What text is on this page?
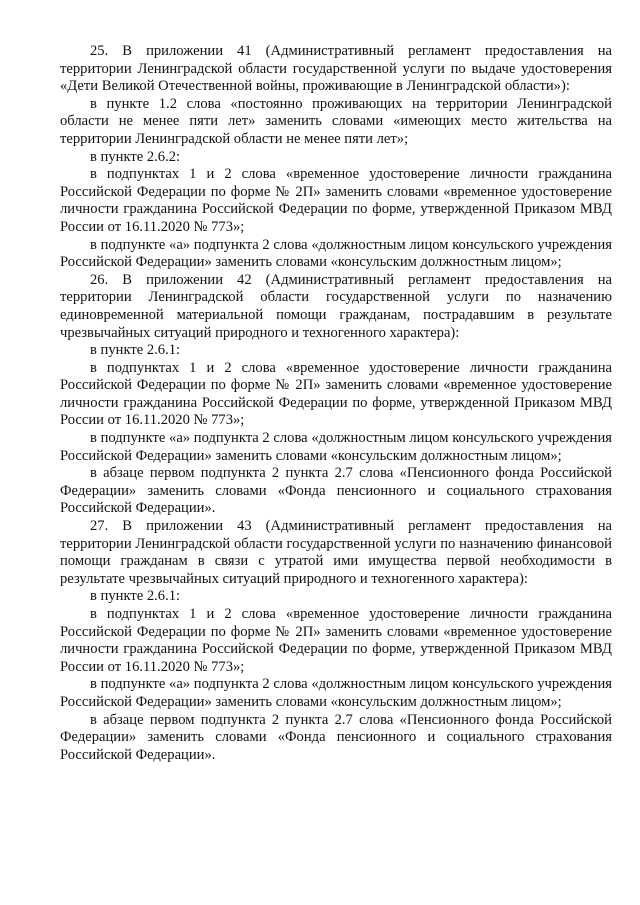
25. В приложении 41 (Административный регламент предоставления на территории Ленинградской области государственной услуги по выдаче удостоверения «Дети Великой Отечественной войны, проживающие в Ленинградской области»):

в пункте 1.2 слова «постоянно проживающих на территории Ленинградской области не менее пяти лет» заменить словами «имеющих место жительства на территории Ленинградской области не менее пяти лет»;

в пункте 2.6.2:

в подпунктах 1 и 2 слова «временное удостоверение личности гражданина Российской Федерации по форме № 2П» заменить словами «временное удостоверение личности гражданина Российской Федерации по форме, утвержденной Приказом МВД России от 16.11.2020 № 773»;

в подпункте «а» подпункта 2 слова «должностным лицом консульского учреждения Российской Федерации» заменить словами «консульским должностным лицом»;

26. В приложении 42 (Административный регламент предоставления на территории Ленинградской области государственной услуги по назначению единовременной материальной помощи гражданам, пострадавшим в результате чрезвычайных ситуаций природного и техногенного характера):

в пункте 2.6.1:

в подпунктах 1 и 2 слова «временное удостоверение личности гражданина Российской Федерации по форме № 2П» заменить словами «временное удостоверение личности гражданина Российской Федерации по форме, утвержденной Приказом МВД России от 16.11.2020 № 773»;

в подпункте «а» подпункта 2 слова «должностным лицом консульского учреждения Российской Федерации» заменить словами «консульским должностным лицом»;

в абзаце первом подпункта 2 пункта 2.7 слова «Пенсионного фонда Российской Федерации» заменить словами «Фонда пенсионного и социального страхования Российской Федерации».

27. В приложении 43 (Административный регламент предоставления на территории Ленинградской области государственной услуги по назначению финансовой помощи гражданам в связи с утратой ими имущества первой необходимости в результате чрезвычайных ситуаций природного и техногенного характера):

в пункте 2.6.1:

в подпунктах 1 и 2 слова «временное удостоверение личности гражданина Российской Федерации по форме № 2П» заменить словами «временное удостоверение личности гражданина Российской Федерации по форме, утвержденной Приказом МВД России от 16.11.2020 № 773»;

в подпункте «а» подпункта 2 слова «должностным лицом консульского учреждения Российской Федерации» заменить словами «консульским должностным лицом»;

в абзаце первом подпункта 2 пункта 2.7 слова «Пенсионного фонда Российской Федерации» заменить словами «Фонда пенсионного и социального страхования Российской Федерации».
